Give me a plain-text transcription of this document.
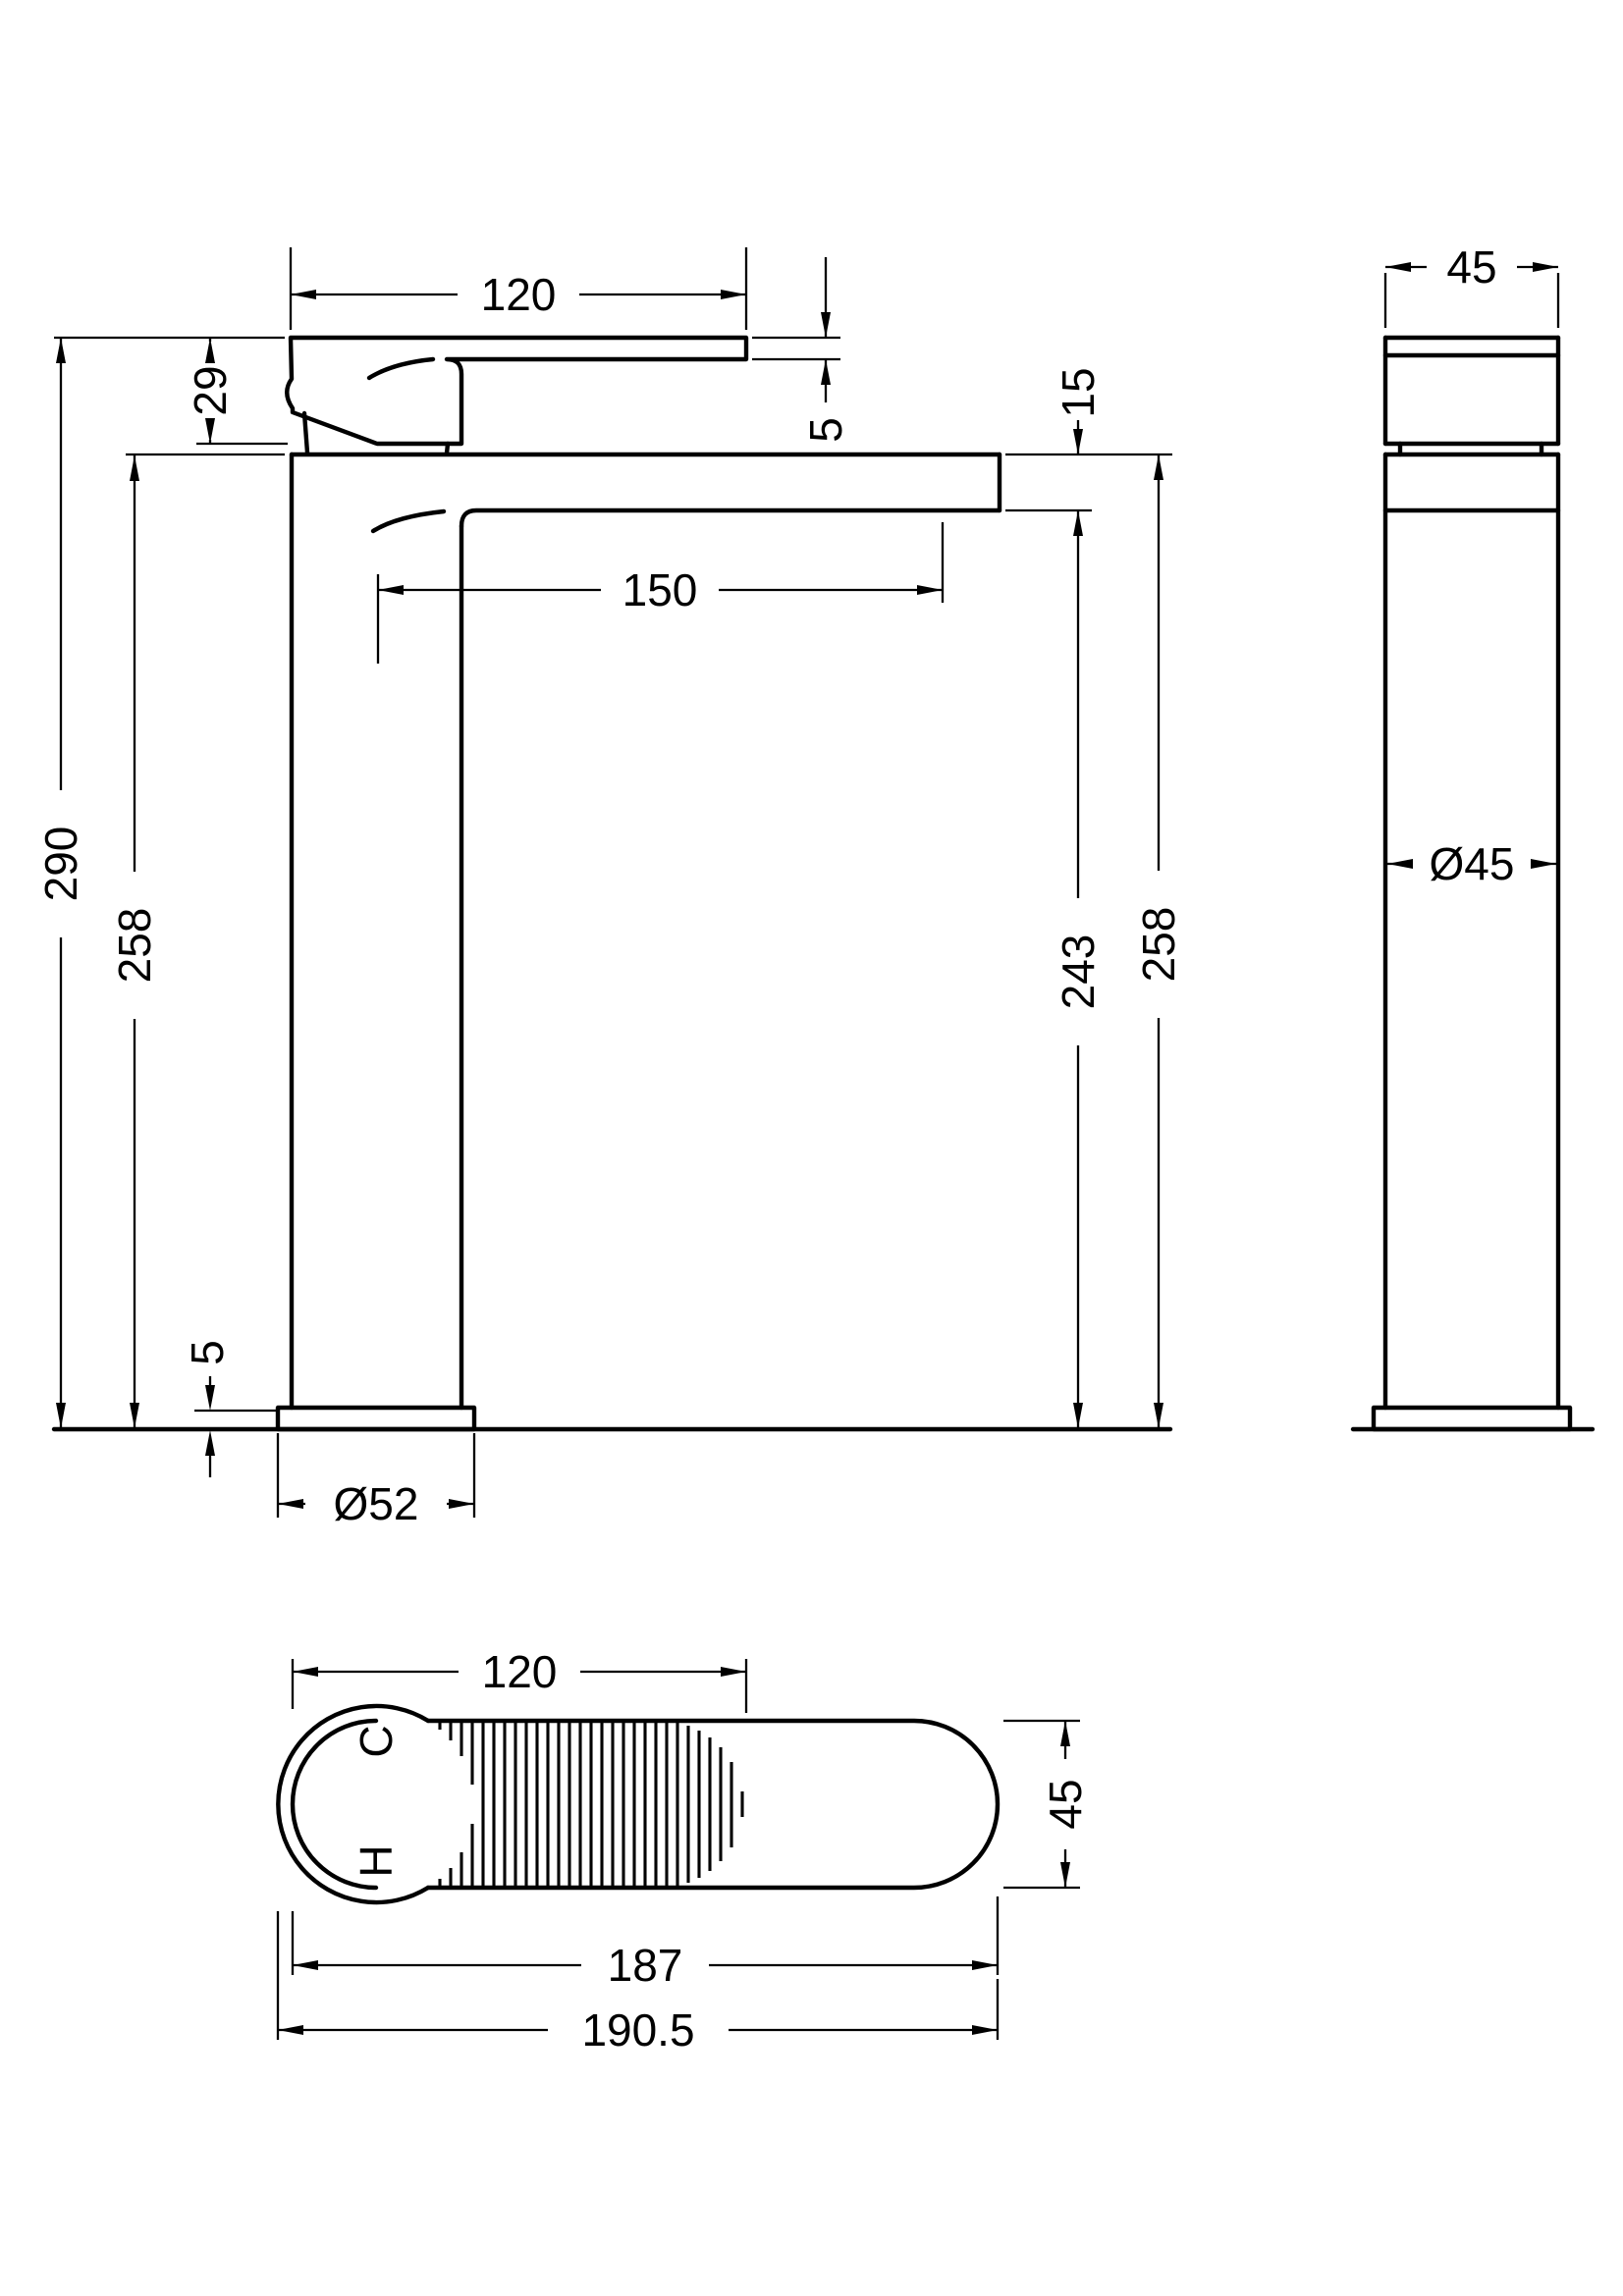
120
29
5
15
150
290
258	243 258
5
Ø52
45
Ø45
120
45
187
190.5
C
H
